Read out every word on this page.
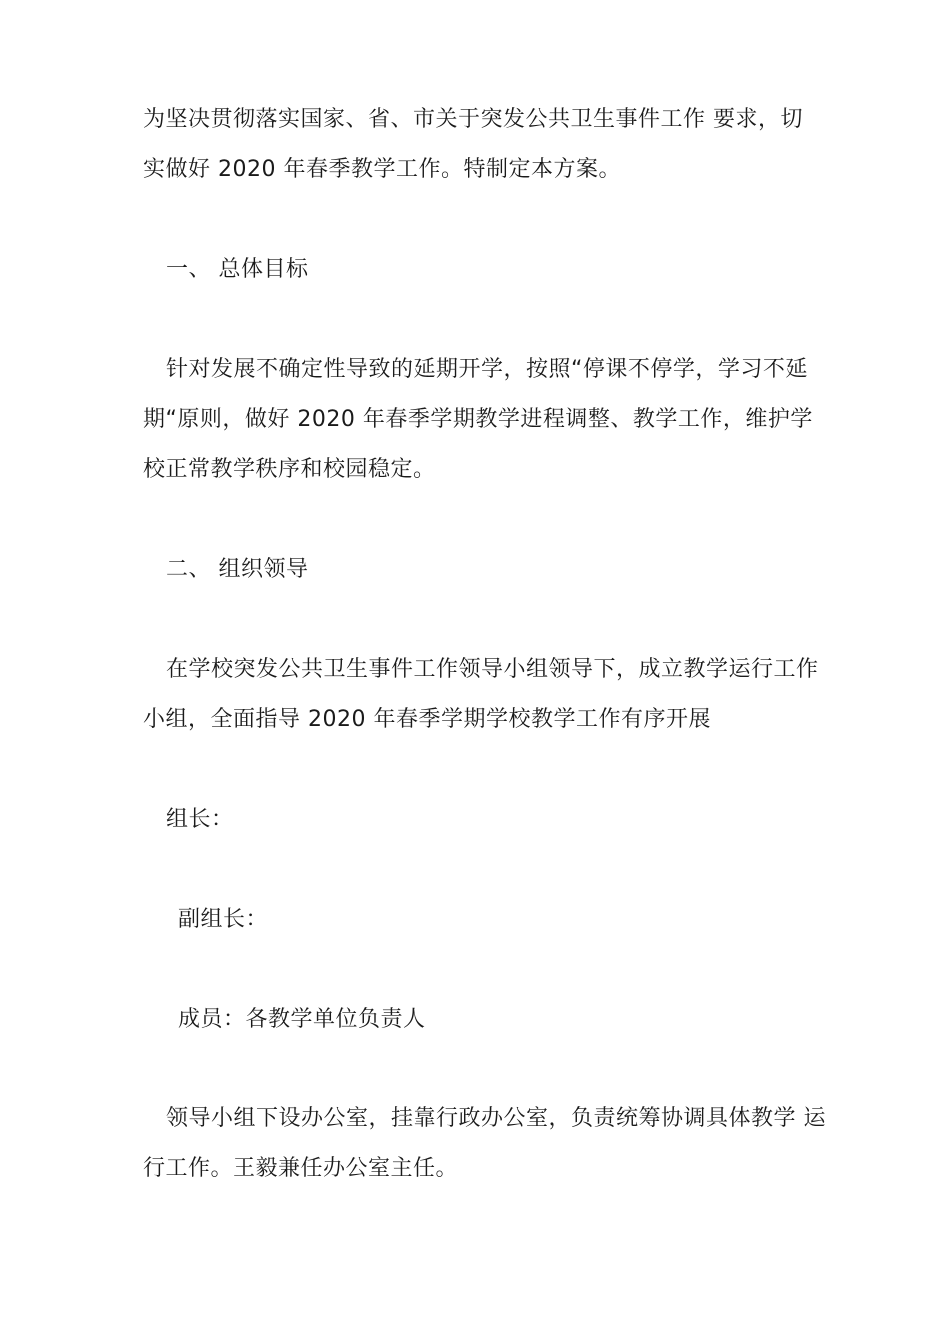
为坚决贯彻落实国家、省、市关于突发公共卫生事件工作 要求，切
实做好 2020 年春季教学工作。特制定本方案。
一、 总体目标
针对发展不确定性导致的延期开学，按照“停课不停学，学习不延
期“原则，做好 2020 年春季学期教学进程调整、教学工作，维护学
校正常教学秩序和校园稳定。
二、 组织领导
在学校突发公共卫生事件工作领导小组领导下，成立教学运行工作
小组，全面指导 2020 年春季学期学校教学工作有序开展
组长：
副组长：
成员：各教学单位负责人
领导小组下设办公室，挂靠行政办公室，负责统筹协调具体教学 运
行工作。王毅兼任办公室主任。
